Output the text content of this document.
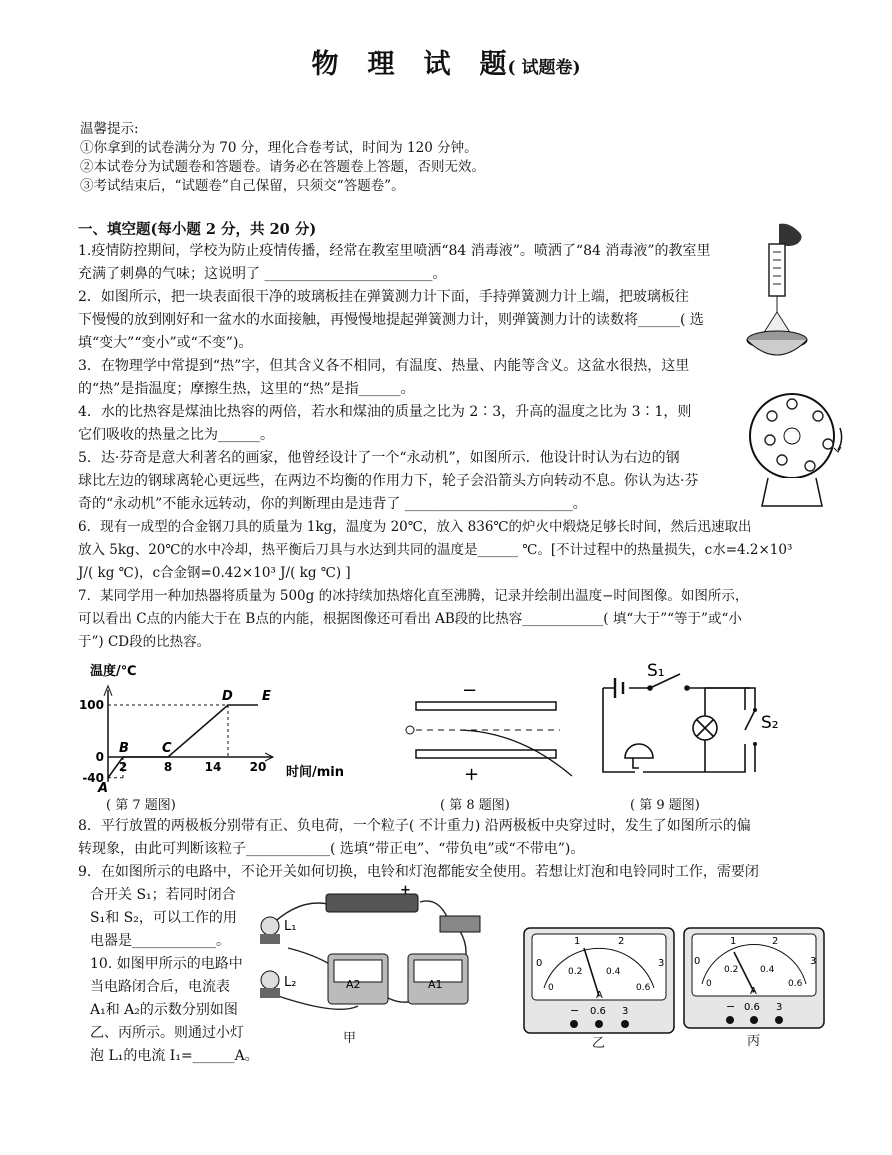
物　理　试　题( 试题卷)
温馨提示:
①你拿到的试卷满分为 70 分，理化合卷考试，时间为 120 分钟。
②本试卷分为试题卷和答题卷。请务必在答题卷上答题，否则无效。
③考试结束后，“试题卷”自己保留，只须交“答题卷”。
一、填空题(每小题 2 分，共 20 分)
1.疫情防控期间，学校为防止疫情传播，经常在教室里喷洒“84 消毒液”。喷洒了“84 消毒液”的教室里
充满了刺鼻的气味；这说明了 ________________________。
2．如图所示，把一块表面很干净的玻璃板挂在弹簧测力计下面，手持弹簧测力计上端，把玻璃板往
下慢慢的放到刚好和一盆水的水面接触，再慢慢地提起弹簧测力计，则弹簧测力计的读数将______( 选
填“变大”“变小”或“不变”)。
3．在物理学中常提到“热”字，但其含义各不相同，有温度、热量、内能等含义。这盆水很热，这里
的“热”是指温度；摩擦生热，这里的“热”是指______。
4．水的比热容是煤油比热容的两倍，若水和煤油的质量之比为 2∶3，升高的温度之比为 3∶1，则
它们吸收的热量之比为______。
5．达·芬奇是意大利著名的画家，他曾经设计了一个“永动机”，如图所示．他设计时认为右边的钢
球比左边的钢球离轮心更远些，在两边不均衡的作用力下，轮子会沿箭头方向转动不息。你认为达·芬
奇的“永动机”不能永远转动，你的判断理由是违背了 ________________________。
6．现有一成型的合金钢刀具的质量为 1kg，温度为 20℃，放入 836℃的炉火中煅烧足够长时间，然后迅速取出
放入 5kg、20℃的水中冷却，热平衡后刀具与水达到共同的温度是______ ℃。[不计过程中的热量损失，c水=4.2×10³
J/( kg ℃)，c合金钢=0.42×10³ J/( kg ℃) ]
7．某同学用一种加热器将质量为 500g 的冰持续加热熔化直至沸腾，记录并绘制出温度−时间图像。如图所示，
可以看出 C点的内能大于在 B点的内能，根据图像还可看出 AB段的比热容____________( 填“大于”“等于”或“小
于”) CD段的比热容。
温度/℃
时间/min
A
B	C
D E
100
0
-40
2	8	14 20
( 第 7 题图)
−
+
( 第 8 题图)
S₁
S₂
( 第 9 题图)
8．平行放置的两极板分别带有正、负电荷，一个粒子( 不计重力) 沿两极板中央穿过时，发生了如图所示的偏
转现象，由此可判断该粒子____________( 选填“带正电”、“带负电”或“不带电”)。
9．在如图所示的电路中，不论开关如何切换，电铃和灯泡都能安全使用。若想让灯泡和电铃同时工作，需要闭
合开关 S₁；若同时闭合
S₁和 S₂，可以工作的用
电器是____________。
10. 如图甲所示的电路中
当电路闭合后，电流表
A₁和 A₂的示数分别如图
乙、丙所示。则通过小灯
泡 L₁的电流 I₁=______A。
+
L₁
L₂	A2	A1
甲
0
1	2
3
0
0.2	0.4
0.6
A
− 0.6 3
乙
0
1	2
3
0
0.2 0.4
0.6
A
− 0.6 3
丙
